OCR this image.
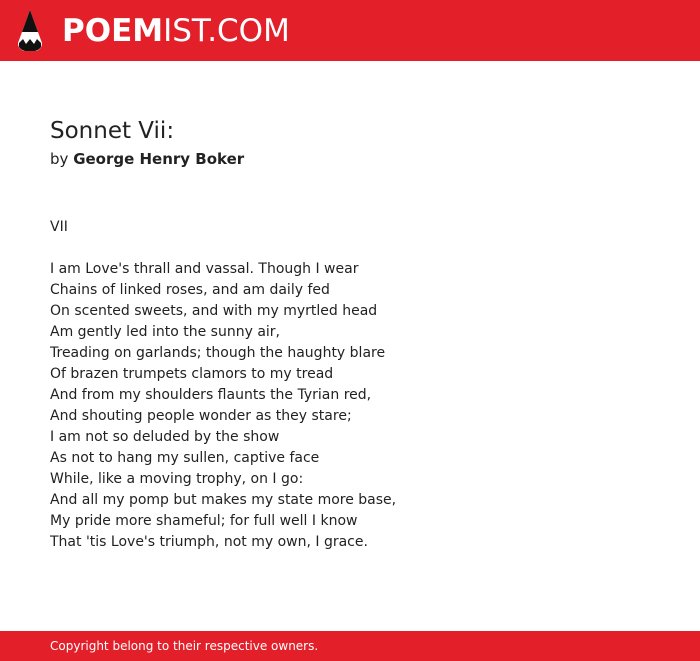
POEMIST.COM
Sonnet Vii:

by George Henry Boker

VII

I am Love's thrall and vassal. Though I wear
Chains of linked roses, and am daily fed
On scented sweets, and with my myrtled head
Am gently led into the sunny air,
Treading on garlands; though the haughty blare
Of brazen trumpets clamors to my tread
And from my shoulders flaunts the Tyrian red,
And shouting people wonder as they stare;
I am not so deluded by the show
As not to hang my sullen, captive face
While, like a moving trophy, on I go:
And all my pomp but makes my state more base,
My pride more shameful; for full well I know
That 'tis Love's triumph, not my own, I grace.
Copyright belong to their respective owners.
